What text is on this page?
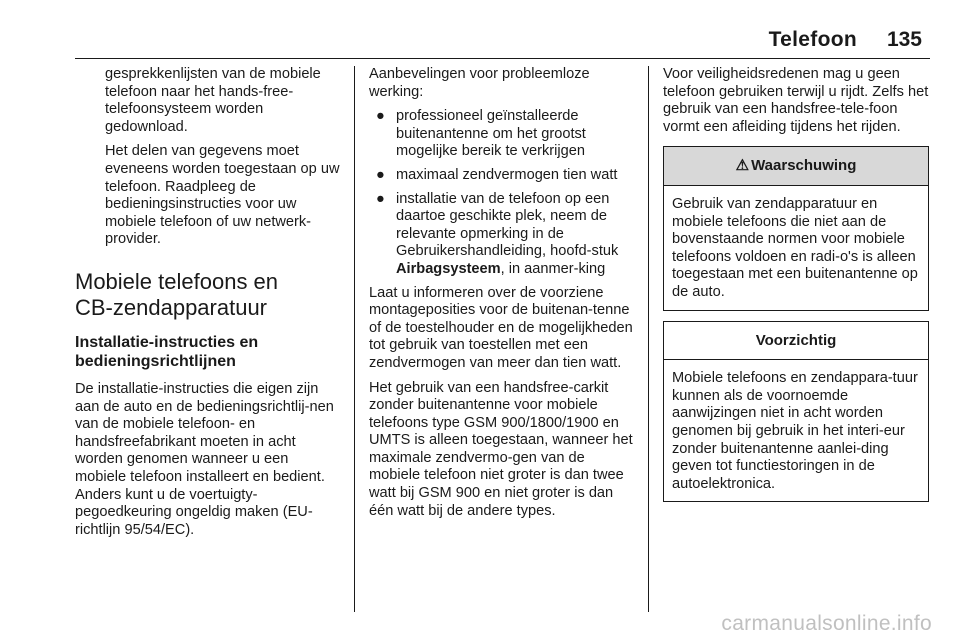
Telefoon 135

gesprekkenlijsten van de mobiele telefoon naar het hands-free-telefoonsysteem worden gedownload.

Het delen van gegevens moet eveneens worden toegestaan op uw telefoon. Raadpleeg de bedieningsinstructies voor uw mobiele telefoon of uw netwerk-provider.

Mobiele telefoons en
CB-zendapparatuur
Installatie-instructies en
bedieningsrichtlijnen

De installatie-instructies die eigen zijn aan de auto en de bedieningsrichtlij-nen van de mobiele telefoon- en handsfreefabrikant moeten in acht worden genomen wanneer u een mobiele telefoon installeert en bedient. Anders kunt u de voertuigty-pegoedkeuring ongeldig maken (EU-richtlijn 95/54/EC).

Aanbevelingen voor probleemloze werking:

● professioneel geïnstalleerde buitenantenne om het grootst mogelijke bereik te verkrijgen
● maximaal zendvermogen tien watt
● installatie van de telefoon op een daartoe geschikte plek, neem de relevante opmerking in de Gebruikershandleiding, hoofd-stuk Airbagsysteem, in aanmer-king

Laat u informeren over de voorziene montageposities voor de buitenan-tenne of de toestelhouder en de mogelijkheden tot gebruik van toestellen met een zendvermogen van meer dan tien watt.

Het gebruik van een handsfree-carkit zonder buitenantenne voor mobiele telefoons type GSM 900/1800/1900 en UMTS is alleen toegestaan, wanneer het maximale zendvermo-gen van de mobiele telefoon niet groter is dan twee watt bij GSM 900 en niet groter is dan één watt bij de andere types.

Voor veiligheidsredenen mag u geen telefoon gebruiken terwijl u rijdt. Zelfs het gebruik van een handsfree-tele-foon vormt een afleiding tijdens het rijden.

⚠ Waarschuwing
Gebruik van zendapparatuur en mobiele telefoons die niet aan de bovenstaande normen voor mobiele telefoons voldoen en radi-o's is alleen toegestaan met een buitenantenne op de auto.
Voorzichtig
Mobiele telefoons en zendappara-tuur kunnen als de voornoemde aanwijzingen niet in acht worden genomen bij gebruik in het interi-eur zonder buitenantenne aanlei-ding geven tot functiestoringen in de autoelektronica.
carmanualsonline.info
